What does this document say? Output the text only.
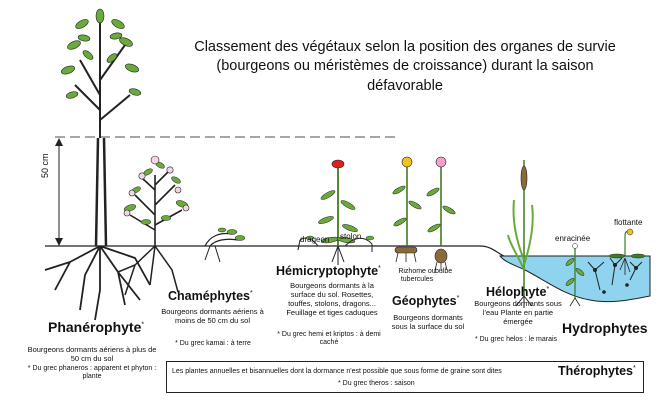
Classement des végétaux selon la position des organes de survie (bourgeons ou méristèmes de croissance) durant la saison défavorable

50 cm

Phanérophyte*

Bourgeons dormants aériens à plus de 50 cm du sol

* Du grec phaneros : apparent et phyton : plante

Chaméphytes*

Bourgeons dormants aériens à moins de 50 cm du sol

* Du grec kamai : à terre

drageon stolon

Hémicryptophyte*

Bourgeons dormants à la surface du sol. Rosettes, touffes, stolons, dragons... Feuillage et tiges caduques

* Du grec hemi et kriptos : à demi caché

Rizhome ou tubercules

bulbe

Géophytes*

Bourgeons dormants sous la surface du sol

Hélophyte*

Bourgeons dormants sous l'eau Plante en partie émergée

* Du grec helos : le marais

enracinée

flottante

Hydrophytes

Les plantes annuelles et bisannuelles dont la dormance n'est possible que sous forme de graine sont dites	Thérophytes*

* Du grec theros : saison
